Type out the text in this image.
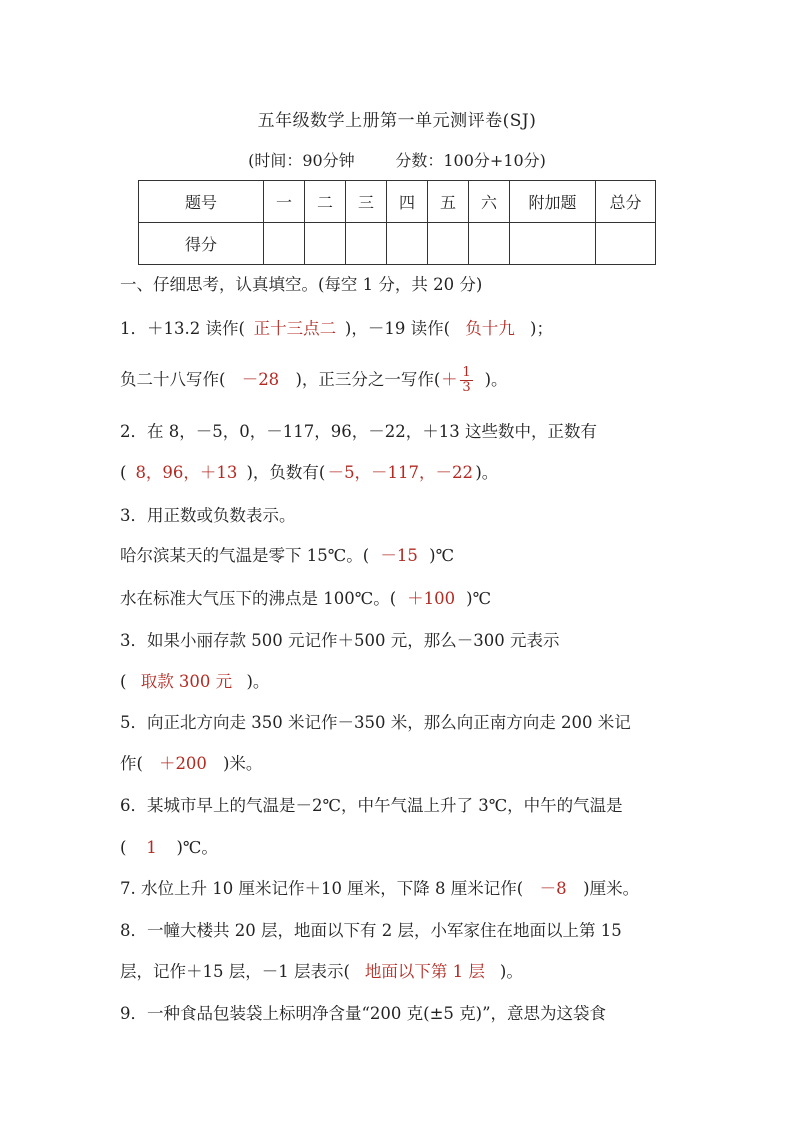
五年级数学上册第一单元测评卷(SJ)
(时间：90分钟        分数：100分+10分)
题号	一	二	三	四	五	六	附加题	总分
得分								
一、仔细思考，认真填空。(每空 1 分，共 20 分)
1．＋13.2 读作( 正十三点二 )，－19 读作( 负十九 )；
负二十八写作( －28 )，正三分之一写作(＋ $\frac{1}{3}$ )。
2．在 8，－5，0，－117，96，－22，＋13 这些数中，正数有
( 8，96，＋13 )，负数有( －5，－117，－22 )。
3．用正数或负数表示。
哈尔滨某天的气温是零下 15℃。( －15 )℃
水在标准大气压下的沸点是 100℃。( ＋100 )℃
3．如果小丽存款 500 元记作＋500 元，那么－300 元表示
( 取款 300 元 )。
5．向正北方向走 350 米记作－350 米，那么向正南方向走 200 米记
作( ＋200 )米。
6．某城市早上的气温是－2℃，中午气温上升了 3℃，中午的气温是
( 1 )℃。
7. 水位上升 10 厘米记作＋10 厘米，下降 8 厘米记作( －8 )厘米。
8．一幢大楼共 20 层，地面以下有 2 层，小军家住在地面以上第 15
层，记作＋15 层，－1 层表示( 地面以下第 1 层 )。
9．一种食品包装袋上标明净含量“200 克(±5 克)”，意思为这袋食
